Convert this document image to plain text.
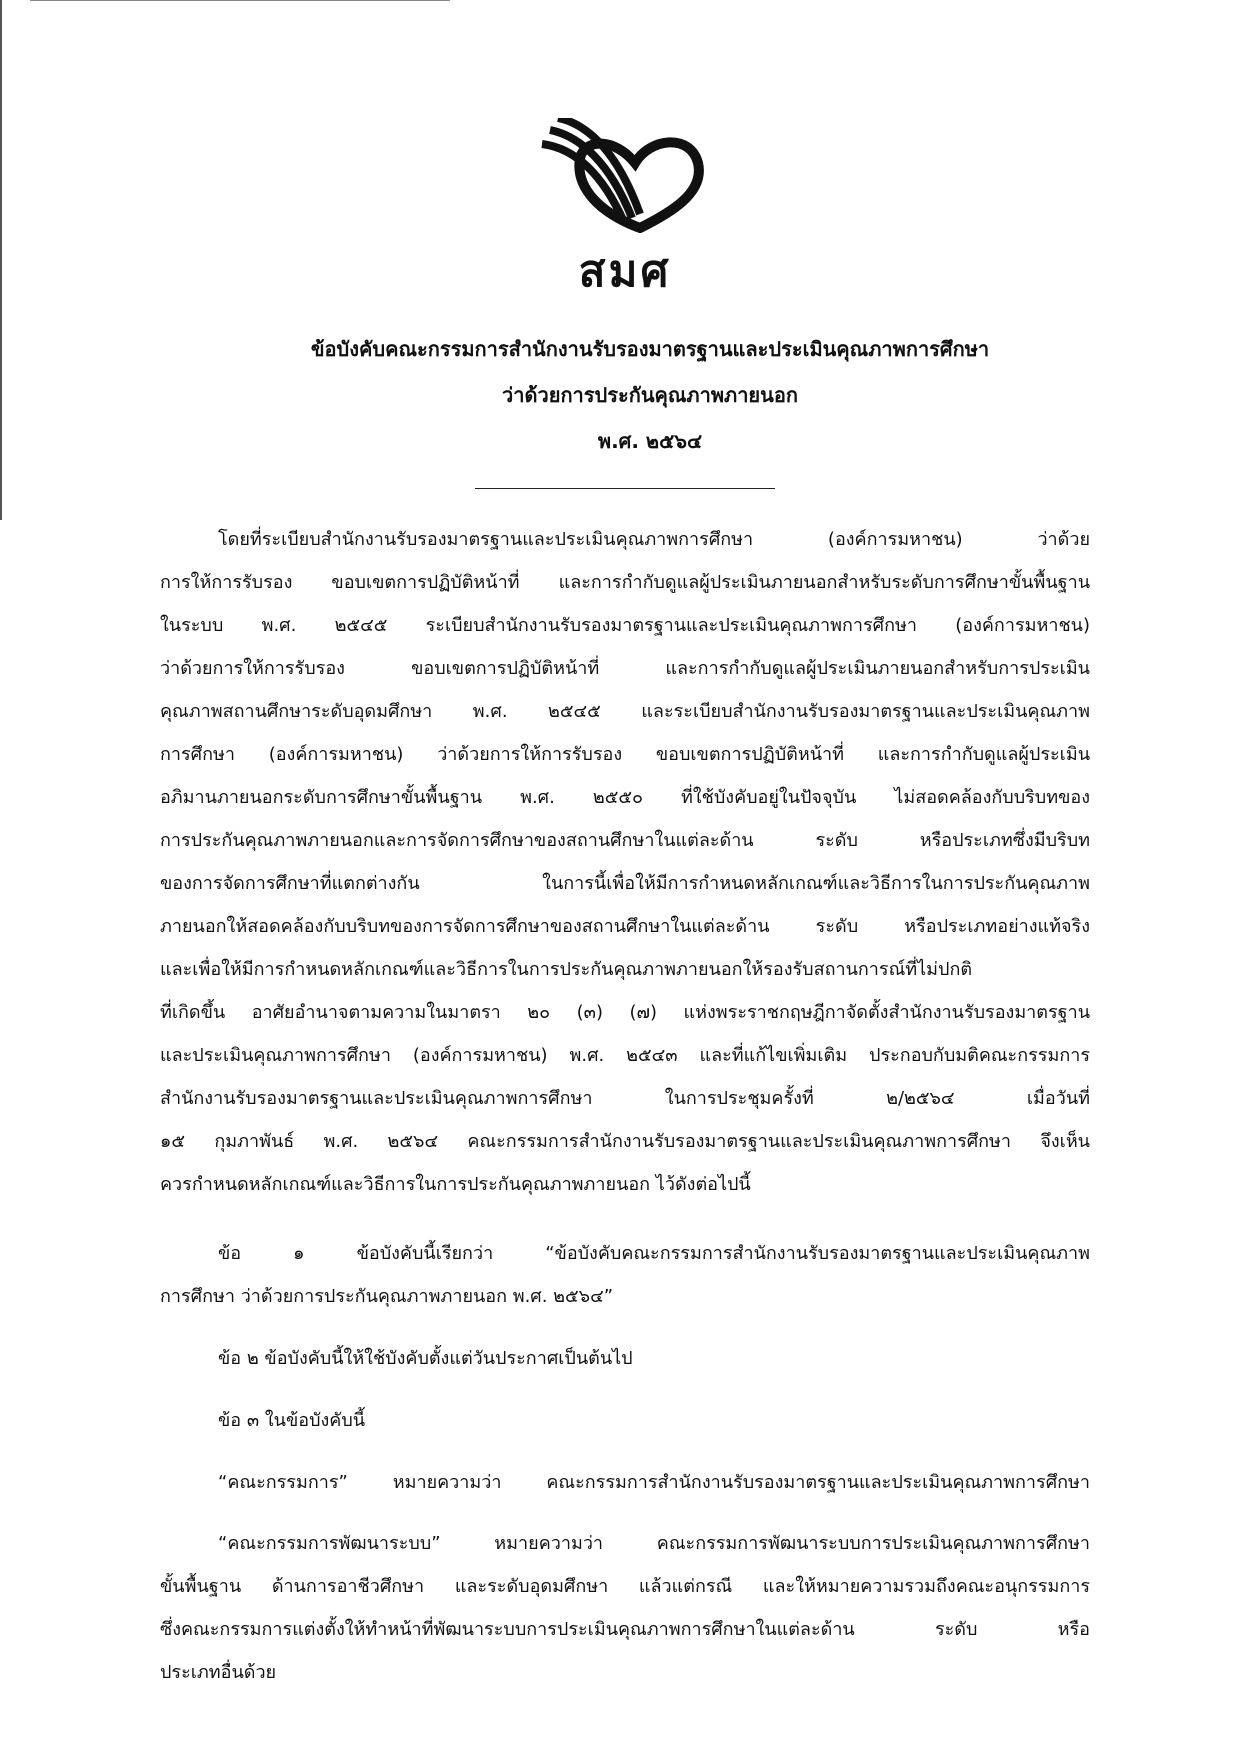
สมศ
ข้อบังคับคณะกรรมการสำนักงานรับรองมาตรฐานและประเมินคุณภาพการศึกษา
ว่าด้วยการประกันคุณภาพภายนอก
พ.ศ. ๒๕๖๔
โดยที่ระเบียบสำนักงานรับรองมาตรฐานและประเมินคุณภาพการศึกษา (องค์การมหาชน) ว่าด้วย
การให้การรับรอง ขอบเขตการปฏิบัติหน้าที่ และการกำกับดูแลผู้ประเมินภายนอกสำหรับระดับการศึกษาขั้นพื้นฐาน
ในระบบ พ.ศ. ๒๕๔๕ ระเบียบสำนักงานรับรองมาตรฐานและประเมินคุณภาพการศึกษา (องค์การมหาชน)
ว่าด้วยการให้การรับรอง ขอบเขตการปฏิบัติหน้าที่ และการกำกับดูแลผู้ประเมินภายนอกสำหรับการประเมิน
คุณภาพสถานศึกษาระดับอุดมศึกษา พ.ศ. ๒๕๔๕ และระเบียบสำนักงานรับรองมาตรฐานและประเมินคุณภาพ
การศึกษา (องค์การมหาชน) ว่าด้วยการให้การรับรอง ขอบเขตการปฏิบัติหน้าที่ และการกำกับดูแลผู้ประเมิน
อภิมานภายนอกระดับการศึกษาขั้นพื้นฐาน พ.ศ. ๒๕๕๐ ที่ใช้บังคับอยู่ในปัจจุบัน ไม่สอดคล้องกับบริบทของ
การประกันคุณภาพภายนอกและการจัดการศึกษาของสถานศึกษาในแต่ละด้าน ระดับ หรือประเภทซึ่งมีบริบท
ของการจัดการศึกษาที่แตกต่างกัน ในการนี้เพื่อให้มีการกำหนดหลักเกณฑ์และวิธีการในการประกันคุณภาพ
ภายนอกให้สอดคล้องกับบริบทของการจัดการศึกษาของสถานศึกษาในแต่ละด้าน ระดับ หรือประเภทอย่างแท้จริง
และเพื่อให้มีการกำหนดหลักเกณฑ์และวิธีการในการประกันคุณภาพภายนอกให้รองรับสถานการณ์ที่ไม่ปกติ
ที่เกิดขึ้น อาศัยอำนาจตามความในมาตรา ๒๐ (๓) (๗) แห่งพระราชกฤษฎีกาจัดตั้งสำนักงานรับรองมาตรฐาน
และประเมินคุณภาพการศึกษา (องค์การมหาชน) พ.ศ. ๒๕๔๓ และที่แก้ไขเพิ่มเติม ประกอบกับมติคณะกรรมการ
สำนักงานรับรองมาตรฐานและประเมินคุณภาพการศึกษา ในการประชุมครั้งที่ ๒/๒๕๖๔ เมื่อวันที่
๑๕ กุมภาพันธ์ พ.ศ. ๒๕๖๔ คณะกรรมการสำนักงานรับรองมาตรฐานและประเมินคุณภาพการศึกษา จึงเห็น
ควรกำหนดหลักเกณฑ์และวิธีการในการประกันคุณภาพภายนอก ไว้ดังต่อไปนี้
ข้อ ๑ ข้อบังคับนี้เรียกว่า “ข้อบังคับคณะกรรมการสำนักงานรับรองมาตรฐานและประเมินคุณภาพ
การศึกษา ว่าด้วยการประกันคุณภาพภายนอก พ.ศ. ๒๕๖๔”
ข้อ ๒ ข้อบังคับนี้ให้ใช้บังคับตั้งแต่วันประกาศเป็นต้นไป
ข้อ ๓ ในข้อบังคับนี้
“คณะกรรมการ” หมายความว่า คณะกรรมการสำนักงานรับรองมาตรฐานและประเมินคุณภาพการศึกษา
“คณะกรรมการพัฒนาระบบ” หมายความว่า คณะกรรมการพัฒนาระบบการประเมินคุณภาพการศึกษา
ขั้นพื้นฐาน ด้านการอาชีวศึกษา และระดับอุดมศึกษา แล้วแต่กรณี และให้หมายความรวมถึงคณะอนุกรรมการ
ซึ่งคณะกรรมการแต่งตั้งให้ทำหน้าที่พัฒนาระบบการประเมินคุณภาพการศึกษาในแต่ละด้าน ระดับ หรือ
ประเภทอื่นด้วย
